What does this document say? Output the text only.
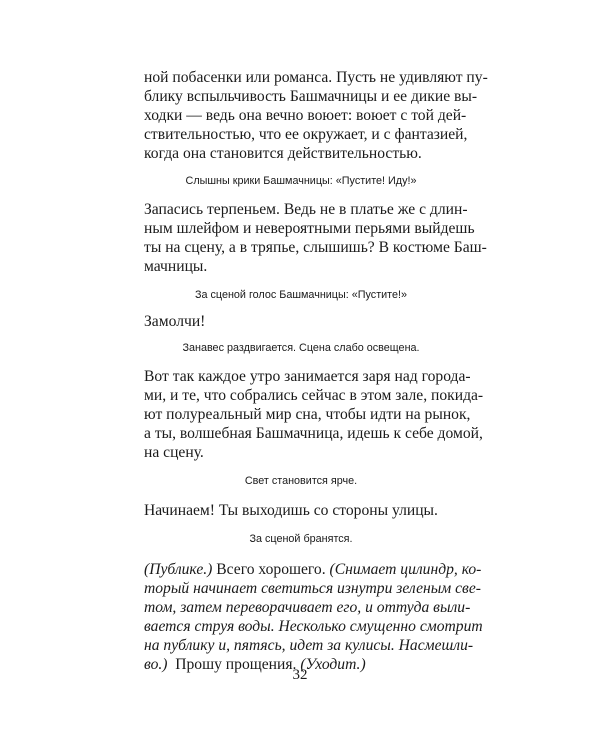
ной побасенки или романса. Пусть не удивляют пу-
блику вспыльчивость Башмачницы и ее дикие вы-
ходки — ведь она вечно воюет: воюет с той дей-
ствительностью, что ее окружает, и с фантазией,
когда она становится действительностью.

Слышны крики Башмачницы: «Пустите! Иду!»

Запасись терпеньем. Ведь не в платье же с длин-
ным шлейфом и невероятными перьями выйдешь
ты на сцену, а в тряпье, слышишь? В костюме Баш-
мачницы.

За сценой голос Башмачницы: «Пустите!»

Замолчи!

Занавес раздвигается. Сцена слабо освещена.

Вот так каждое утро занимается заря над города-
ми, и те, что собрались сейчас в этом зале, покида-
ют полуреальный мир сна, чтобы идти на рынок,
а ты, волшебная Башмачница, идешь к себе домой,
на сцену.

Свет становится ярче.

Начинаем! Ты выходишь со стороны улицы.

За сценой бранятся.

(Публике.) Всего хорошего. (Снимает цилиндр, ко-
торый начинает светиться изнутри зеленым све-
том, затем переворачивает его, и оттуда выли-
вается струя воды. Несколько смущенно смотрит
на публику и, пятясь, идет за кулисы. Насмешли-
во.)  Прошу прощения. (Уходит.)
32
